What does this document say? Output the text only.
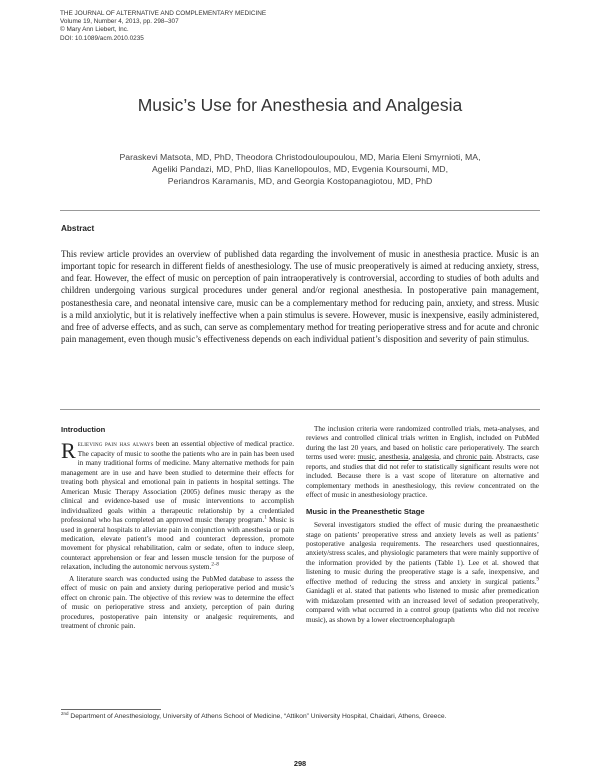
THE JOURNAL OF ALTERNATIVE AND COMPLEMENTARY MEDICINE
Volume 19, Number 4, 2013, pp. 298–307
© Mary Ann Liebert, Inc.
DOI: 10.1089/acm.2010.0235
Music’s Use for Anesthesia and Analgesia
Paraskevi Matsota, MD, PhD, Theodora Christodouloupoulou, MD, Maria Eleni Smyrnioti, MA,
Ageliki Pandazi, MD, PhD, Ilias Kanellopoulos, MD, Evgenia Koursoumi, MD,
Periandros Karamanis, MD, and Georgia Kostopanagiotou, MD, PhD
Abstract
This review article provides an overview of published data regarding the involvement of music in anesthesia practice. Music is an important topic for research in different fields of anesthesiology. The use of music preoperatively is aimed at reducing anxiety, stress, and fear. However, the effect of music on perception of pain intraoperatively is controversial, according to studies of both adults and children undergoing various surgical procedures under general and/or regional anesthesia. In postoperative pain management, postanesthesia care, and neonatal intensive care, music can be a complementary method for reducing pain, anxiety, and stress. Music is a mild anxiolytic, but it is relatively ineffective when a pain stimulus is severe. However, music is inexpensive, easily administered, and free of adverse effects, and as such, can serve as complementary method for treating perioperative stress and for acute and chronic pain management, even though music’s effectiveness depends on each individual patient’s disposition and severity of pain stimulus.
Introduction

Relieving pain has always been an essential objective of medical practice. The capacity of music to soothe the patients who are in pain has been used in many traditional forms of medicine. Many alternative methods for pain management are in use and have been studied to determine their effects for treating both physical and emotional pain in patients in hospital settings. The American Music Therapy Association (2005) defines music therapy as the clinical and evidence-based use of music interventions to accomplish individualized goals within a therapeutic relationship by a credentialed professional who has completed an approved music therapy program.$^1$ Music is used in general hospitals to alleviate pain in conjunction with anesthesia or pain medication, elevate patient’s mood and counteract depression, promote movement for physical rehabilitation, calm or sedate, often to induce sleep, counteract apprehension or fear and lessen muscle tension for the purpose of relaxation, including the autonomic nervous system.$^{2-8}$

A literature search was conducted using the PubMed database to assess the effect of music on pain and anxiety during perioperative period and music’s effect on chronic pain. The objective of this review was to determine the effect of music on perioperative stress and anxiety, perception of pain during procedures, postoperative pain intensity or analgesic requirements, and treatment of chronic pain.

The inclusion criteria were randomized controlled trials, meta-analyses, and reviews and controlled clinical trials written in English, included on PubMed during the last 20 years, and based on holistic care perioperatively. The search terms used were: music, anesthesia, analgesia, and chronic pain. Abstracts, case reports, and studies that did not refer to statistically significant results were not included. Because there is a vast scope of literature on alternative and complementary methods in anesthesiology, this review concentrated on the effect of music in anesthesiology practice.

Music in the Preanesthetic Stage

Several investigators studied the effect of music during the preanaesthetic stage on patients’ preoperative stress and anxiety levels as well as patients’ postoperative analgesia requirements. The researchers used questionnaires, anxiety/stress scales, and physiologic parameters that were mainly supportive of the information provided by the patients (Table 1). Lee et al. showed that listening to music during the preoperative stage is a safe, inexpensive, and effective method of reducing the stress and anxiety in surgical patients.$^9$ Ganidagli et al. stated that patients who listened to music after premedication with midazolam presented with an increased level of sedation preoperatively, compared with what occurred in a control group (patients who did not receive music), as shown by a lower electroencephalograph

$^{2nd}$ Department of Anesthesiology, University of Athens School of Medicine, “Attikon” University Hospital, Chaidari, Athens, Greece.
298
